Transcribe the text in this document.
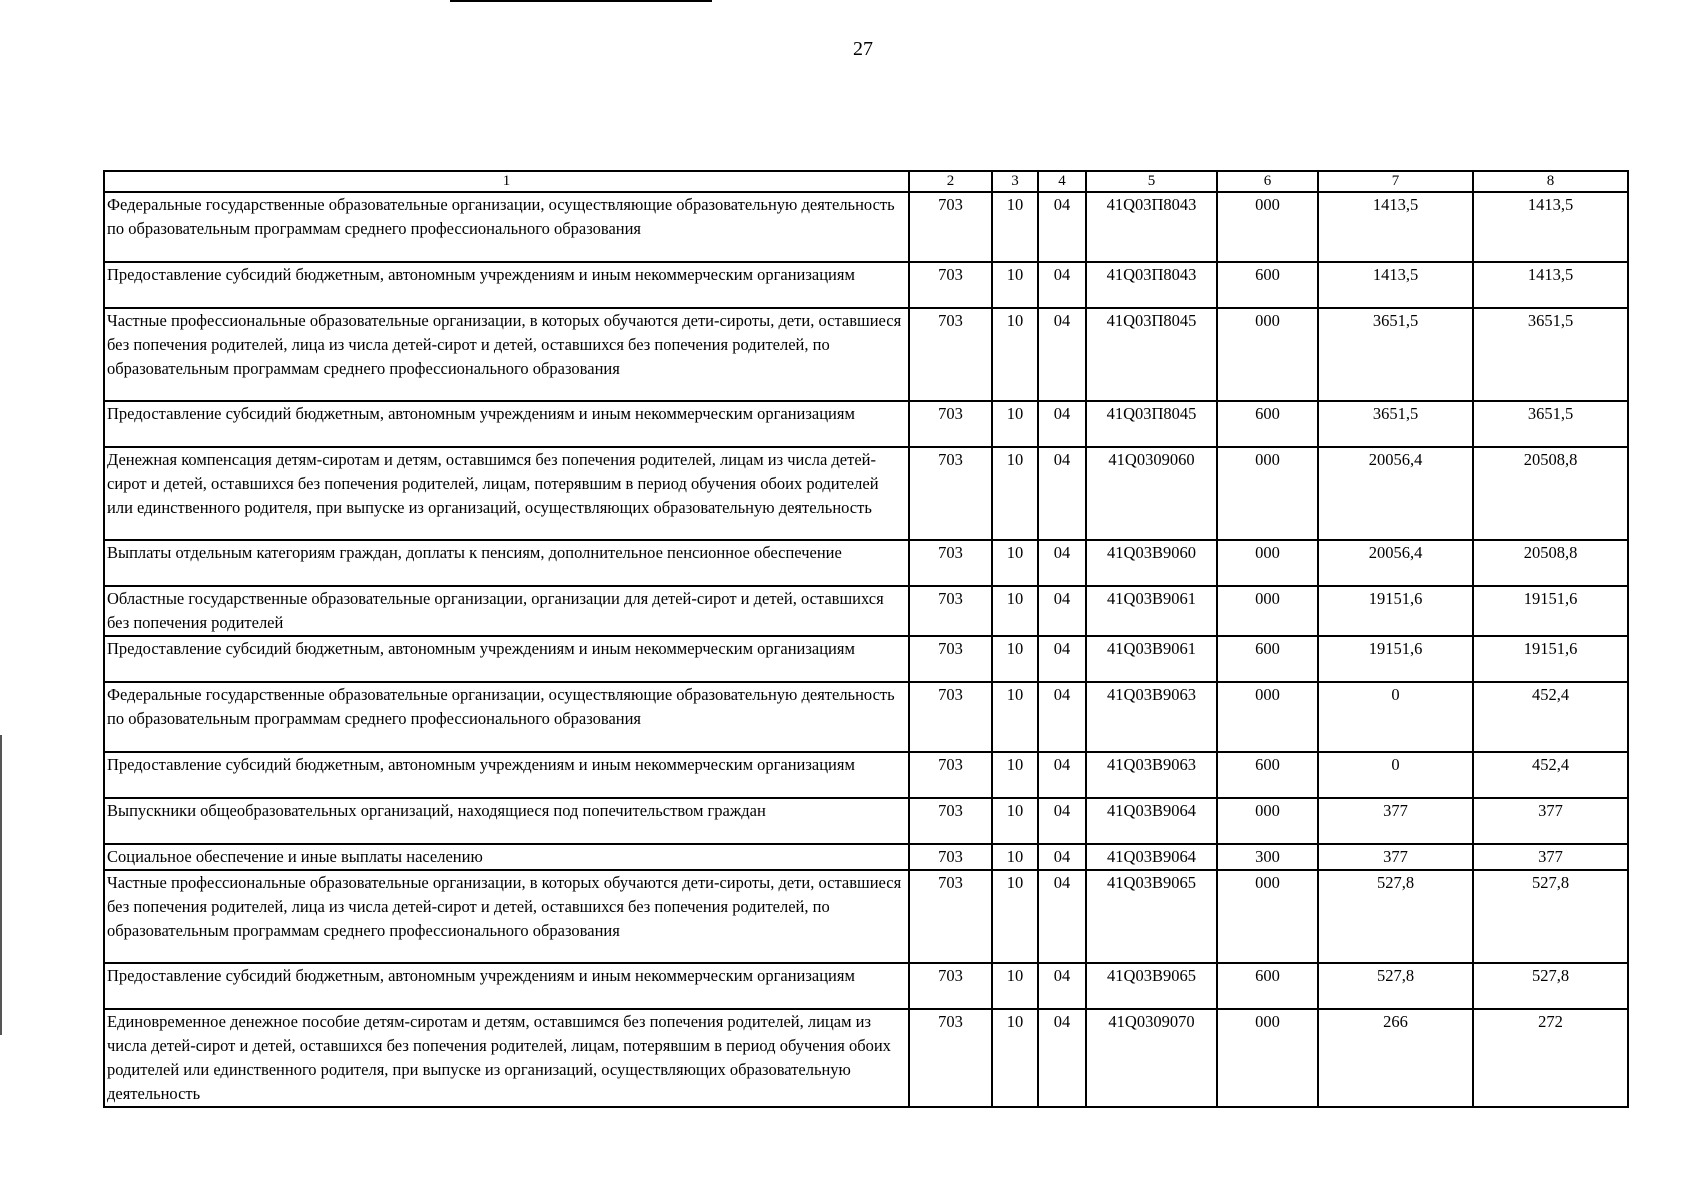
27
1	2	3	4	5	6	7	8

Федеральные государственные образовательные организации, осуществляющие образовательную деятельность по образовательным программам среднего профессионального образования	703	10	04	41Q03П8043	000	1413,5	1413,5

Предоставление субсидий бюджетным, автономным учреждениям и иным некоммерческим организациям	703	10	04	41Q03П8043	600	1413,5	1413,5

Частные профессиональные образовательные организации, в которых обучаются дети-сироты, дети, оставшиеся без попечения родителей, лица из числа детей-сирот и детей, оставшихся без попечения родителей, по образовательным программам среднего профессионального образования	703	10	04	41Q03П8045	000	3651,5	3651,5

Предоставление субсидий бюджетным, автономным учреждениям и иным некоммерческим организациям	703	10	04	41Q03П8045	600	3651,5	3651,5

Денежная компенсация детям-сиротам и детям, оставшимся без попечения родителей, лицам из числа детей-сирот и детей, оставшихся без попечения родителей, лицам, потерявшим в период обучения обоих родителей или единственного родителя, при выпуске из организаций, осуществляющих образовательную деятельность	703	10	04	41Q0309060	000	20056,4	20508,8

Выплаты отдельным категориям граждан, доплаты к пенсиям, дополнительное пенсионное обеспечение	703	10	04	41Q03B9060	000	20056,4	20508,8

Областные государственные образовательные организации, организации для детей-сирот и детей, оставшихся без попечения родителей	703	10	04	41Q03B9061	000	19151,6	19151,6

Предоставление субсидий бюджетным, автономным учреждениям и иным некоммерческим организациям	703	10	04	41Q03B9061	600	19151,6	19151,6

Федеральные государственные образовательные организации, осуществляющие образовательную деятельность по образовательным программам среднего профессионального образования	703	10	04	41Q03B9063	000	0	452,4

Предоставление субсидий бюджетным, автономным учреждениям и иным некоммерческим организациям	703	10	04	41Q03B9063	600	0	452,4

Выпускники общеобразовательных организаций, находящиеся под попечительством граждан	703	10	04	41Q03B9064	000	377	377

Социальное обеспечение и иные выплаты населению	703	10	04	41Q03B9064	300	377	377

Частные профессиональные образовательные организации, в которых обучаются дети-сироты, дети, оставшиеся без попечения родителей, лица из числа детей-сирот и детей, оставшихся без попечения родителей, по образовательным программам среднего профессионального образования	703	10	04	41Q03B9065	000	527,8	527,8

Предоставление субсидий бюджетным, автономным учреждениям и иным некоммерческим организациям	703	10	04	41Q03B9065	600	527,8	527,8

Единовременное денежное пособие детям-сиротам и детям, оставшимся без попечения родителей, лицам из числа детей-сирот и детей, оставшихся без попечения родителей, лицам, потерявшим в период обучения обоих родителей или единственного родителя, при выпуске из организаций, осуществляющих образовательную деятельность	703	10	04	41Q0309070	000	266	272
